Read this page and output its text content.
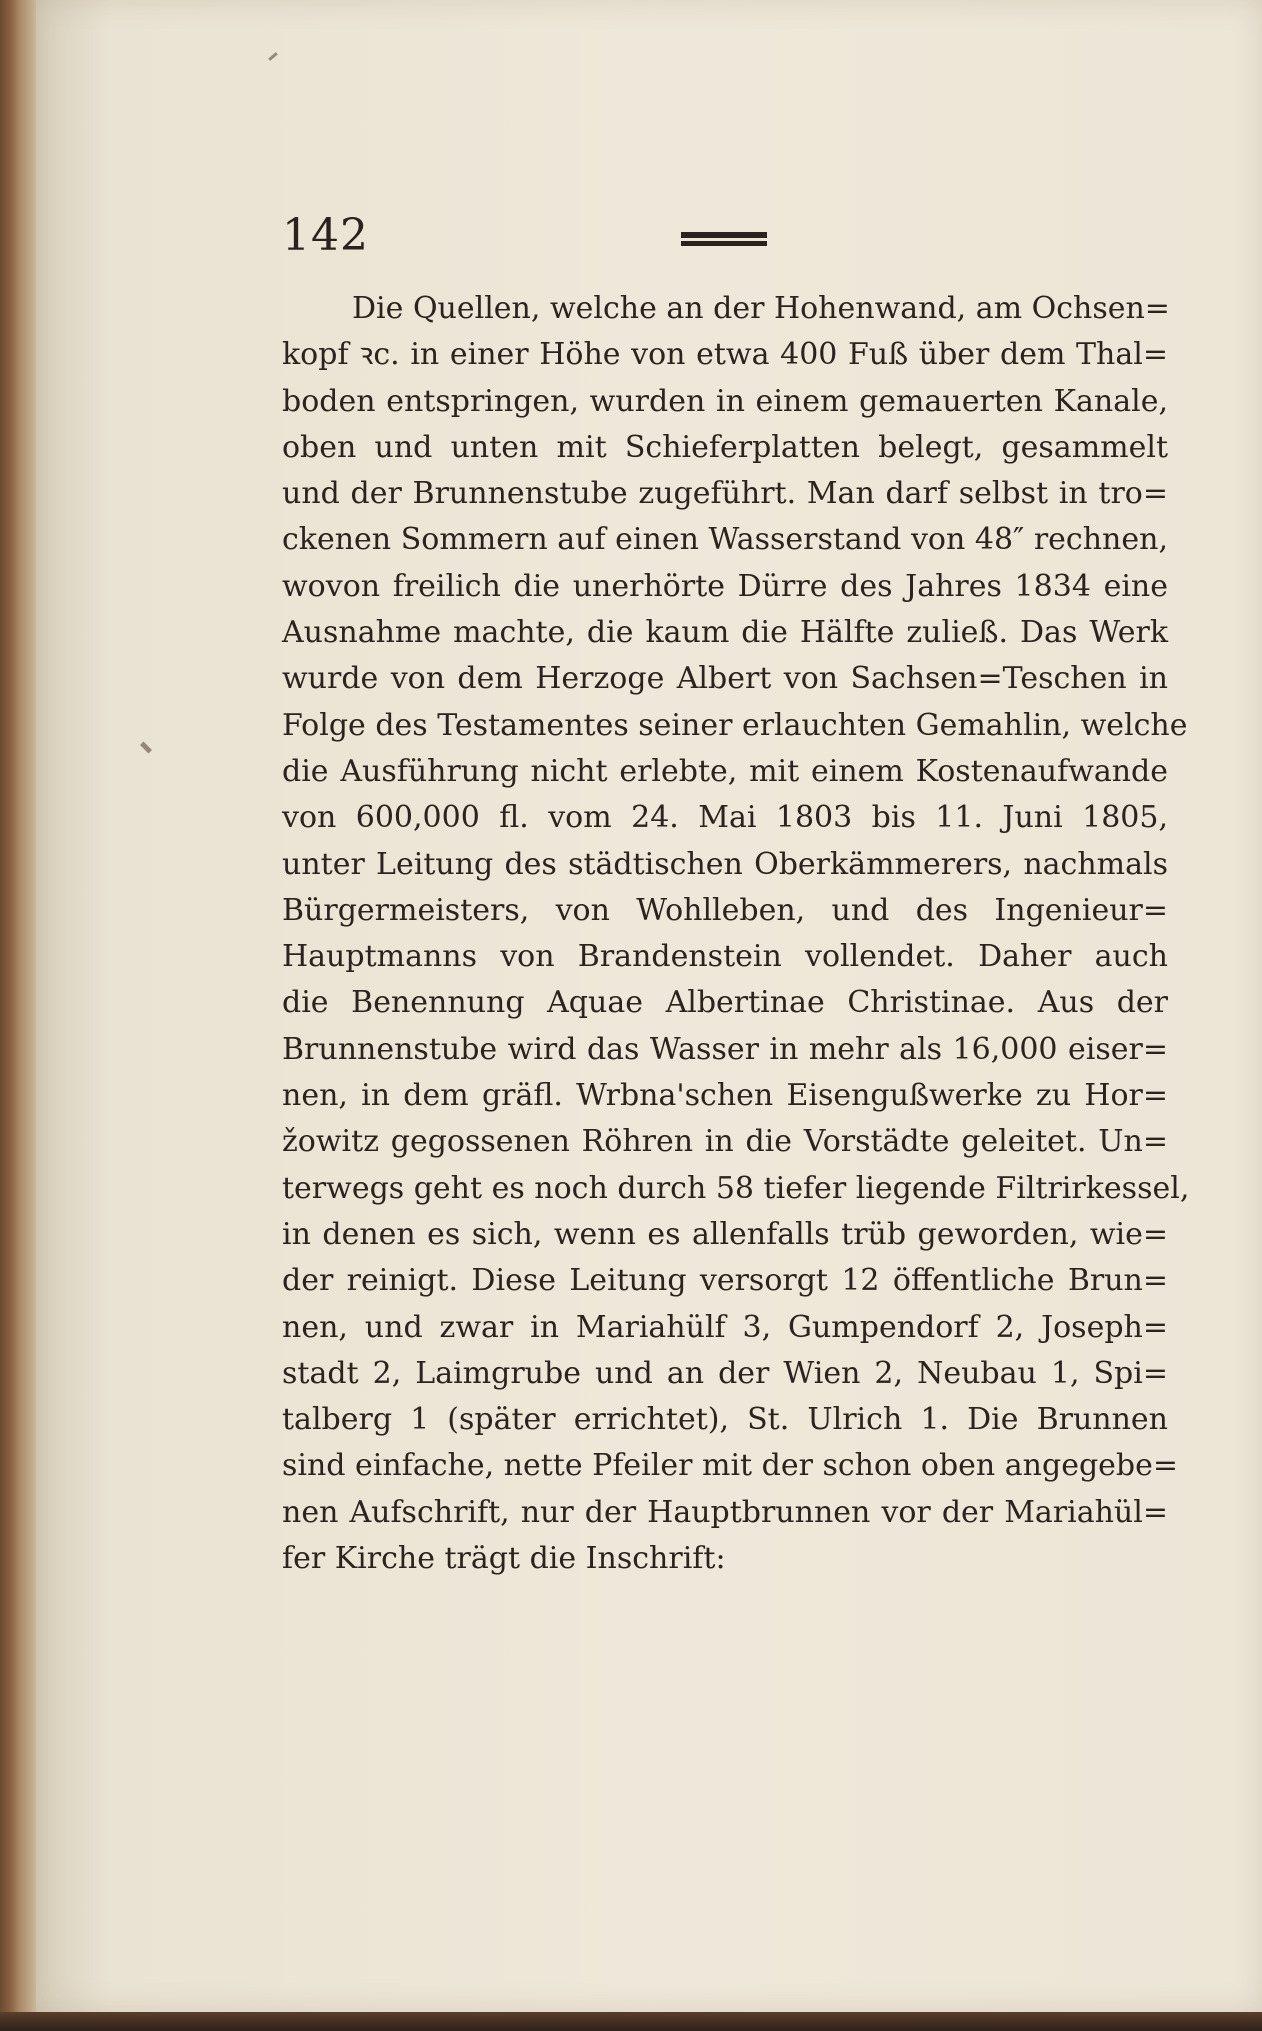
142
Die Quellen, welche an der Hohenwand, am Ochsen=
kopf ꝛc. in einer Höhe von etwa 400 Fuß über dem Thal=
boden entspringen, wurden in einem gemauerten Kanale,
oben und unten mit Schieferplatten belegt, gesammelt
und der Brunnenstube zugeführt. Man darf selbst in tro=
ckenen Sommern auf einen Wasserstand von 48″ rechnen,
wovon freilich die unerhörte Dürre des Jahres 1834 eine
Ausnahme machte, die kaum die Hälfte zuließ. Das Werk
wurde von dem Herzoge Albert von Sachsen=Teschen in
Folge des Testamentes seiner erlauchten Gemahlin, welche
die Ausführung nicht erlebte, mit einem Kostenaufwande
von 600,000 fl. vom 24. Mai 1803 bis 11. Juni 1805,
unter Leitung des städtischen Oberkämmerers, nachmals
Bürgermeisters, von Wohlleben, und des Ingenieur=
Hauptmanns von Brandenstein vollendet. Daher auch
die Benennung Aquae Albertinae Christinae. Aus der
Brunnenstube wird das Wasser in mehr als 16,000 eiser=
nen, in dem gräfl. Wrbna'schen Eisengußwerke zu Hor=
žowitz gegossenen Röhren in die Vorstädte geleitet. Un=
terwegs geht es noch durch 58 tiefer liegende Filtrirkessel,
in denen es sich, wenn es allenfalls trüb geworden, wie=
der reinigt. Diese Leitung versorgt 12 öffentliche Brun=
nen, und zwar in Mariahülf 3, Gumpendorf 2, Joseph=
stadt 2, Laimgrube und an der Wien 2, Neubau 1, Spi=
talberg 1 (später errichtet), St. Ulrich 1. Die Brunnen
sind einfache, nette Pfeiler mit der schon oben angegebe=
nen Aufschrift, nur der Hauptbrunnen vor der Mariahül=
fer Kirche trägt die Inschrift:
